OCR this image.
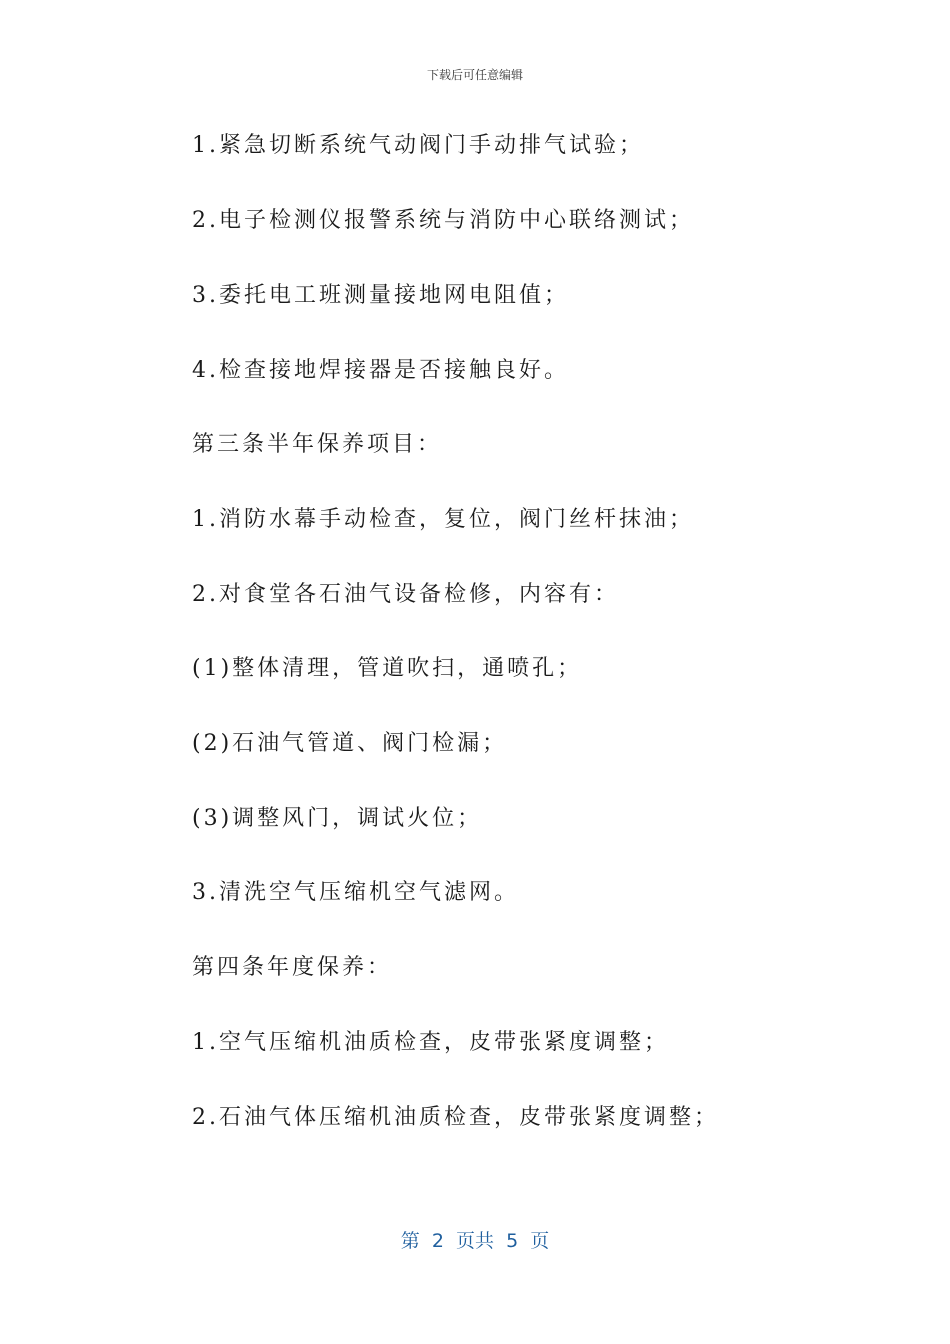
下载后可任意编辑
1.紧急切断系统气动阀门手动排气试验；
2.电子检测仪报警系统与消防中心联络测试；
3.委托电工班测量接地网电阻值；
4.检查接地焊接器是否接触良好。
第三条半年保养项目：
1.消防水幕手动检查，复位，阀门丝杆抹油；
2.对食堂各石油气设备检修，内容有：
(1)整体清理，管道吹扫，通喷孔；
(2)石油气管道、阀门检漏；
(3)调整风门，调试火位；
3.清洗空气压缩机空气滤网。
第四条年度保养：
1.空气压缩机油质检查，皮带张紧度调整；
2.石油气体压缩机油质检查，皮带张紧度调整；
第  2  页共  5  页
